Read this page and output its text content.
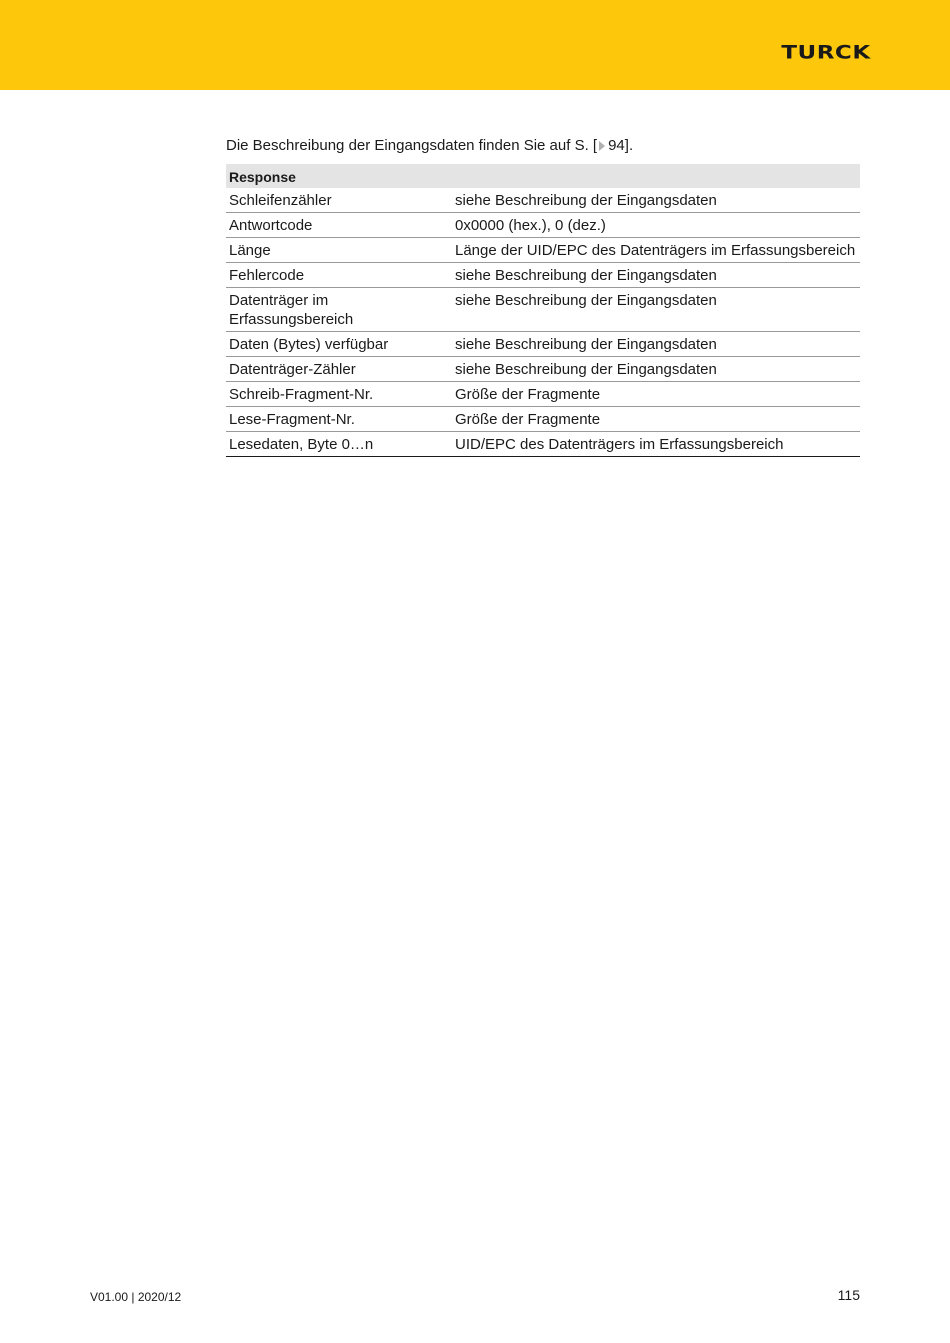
TURCK
Die Beschreibung der Eingangsdaten finden Sie auf S. [ 94].
Response	
Schleifenzähler	siehe Beschreibung der Eingangsdaten
Antwortcode	0x0000 (hex.), 0 (dez.)
Länge	Länge der UID/EPC des Datenträgers im Erfassungsbereich
Fehlercode	siehe Beschreibung der Eingangsdaten
Datenträger im Erfassungsbereich	siehe Beschreibung der Eingangsdaten
Daten (Bytes) verfügbar	siehe Beschreibung der Eingangsdaten
Datenträger-Zähler	siehe Beschreibung der Eingangsdaten
Schreib-Fragment-Nr.	Größe der Fragmente
Lese-Fragment-Nr.	Größe der Fragmente
Lesedaten, Byte 0…n	UID/EPC des Datenträgers im Erfassungsbereich
V01.00 | 2020/12	115
